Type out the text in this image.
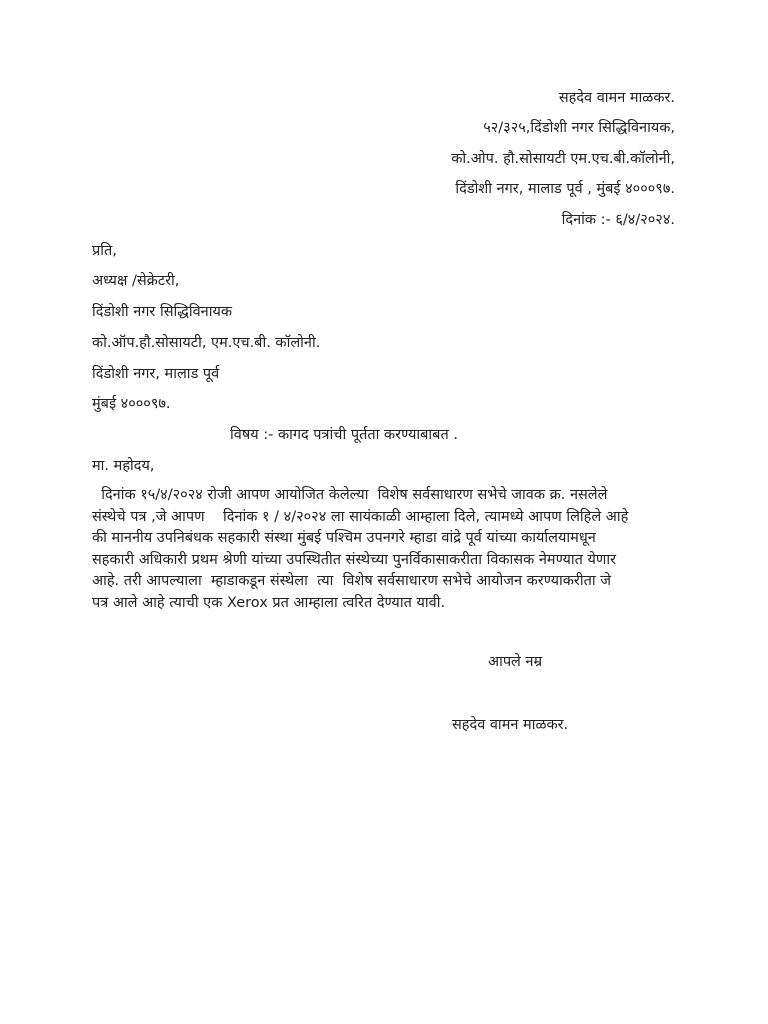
सहदेव वामन माळकर.
५२/३२५,दिंडोशी नगर सिद्धिविनायक,
को.ओप. हौ.सोसायटी एम.एच.बी.कॉलोनी,
दिंडोशी नगर, मालाड पूर्व , मुंबई ४०००९७.
दिनांक :- ६/४/२०२४.
प्रति,
अध्यक्ष /सेक्रेटरी,
दिंडोशी नगर सिद्धिविनायक
को.ऑप.हौ.सोसायटी, एम.एच.बी. कॉलोनी.
दिंडोशी नगर, मालाड पूर्व
मुंबई ४०००९७.
विषय :- कागद पत्रांची पूर्तता करण्याबाबत .
मा. महोदय,
दिनांक १५/४/२०२४ रोजी आपण आयोजित केलेल्या  विशेष सर्वसाधारण सभेचे जावक क्र. नसलेले
संस्थेचे पत्र ,जे आपण    दिनांक १ / ४/२०२४ ला सायंकाळी आम्हाला दिले, त्यामध्ये आपण लिहिले आहे
की माननीय उपनिबंधक सहकारी संस्था मुंबई पश्चिम उपनगरे म्हाडा वांद्रे पूर्व यांच्या कार्यालयामधून
सहकारी अधिकारी प्रथम श्रेणी यांच्या उपस्थितीत संस्थेच्या पुनर्विकासाकरीता विकासक नेमण्यात येणार
आहे. तरी आपल्याला  म्हाडाकडून संस्थेला  त्या  विशेष सर्वसाधारण सभेचे आयोजन करण्याकरीता जे
पत्र आले आहे त्याची एक Xerox प्रत आम्हाला त्वरित देण्यात यावी.
आपले नम्र
सहदेव वामन माळकर.
